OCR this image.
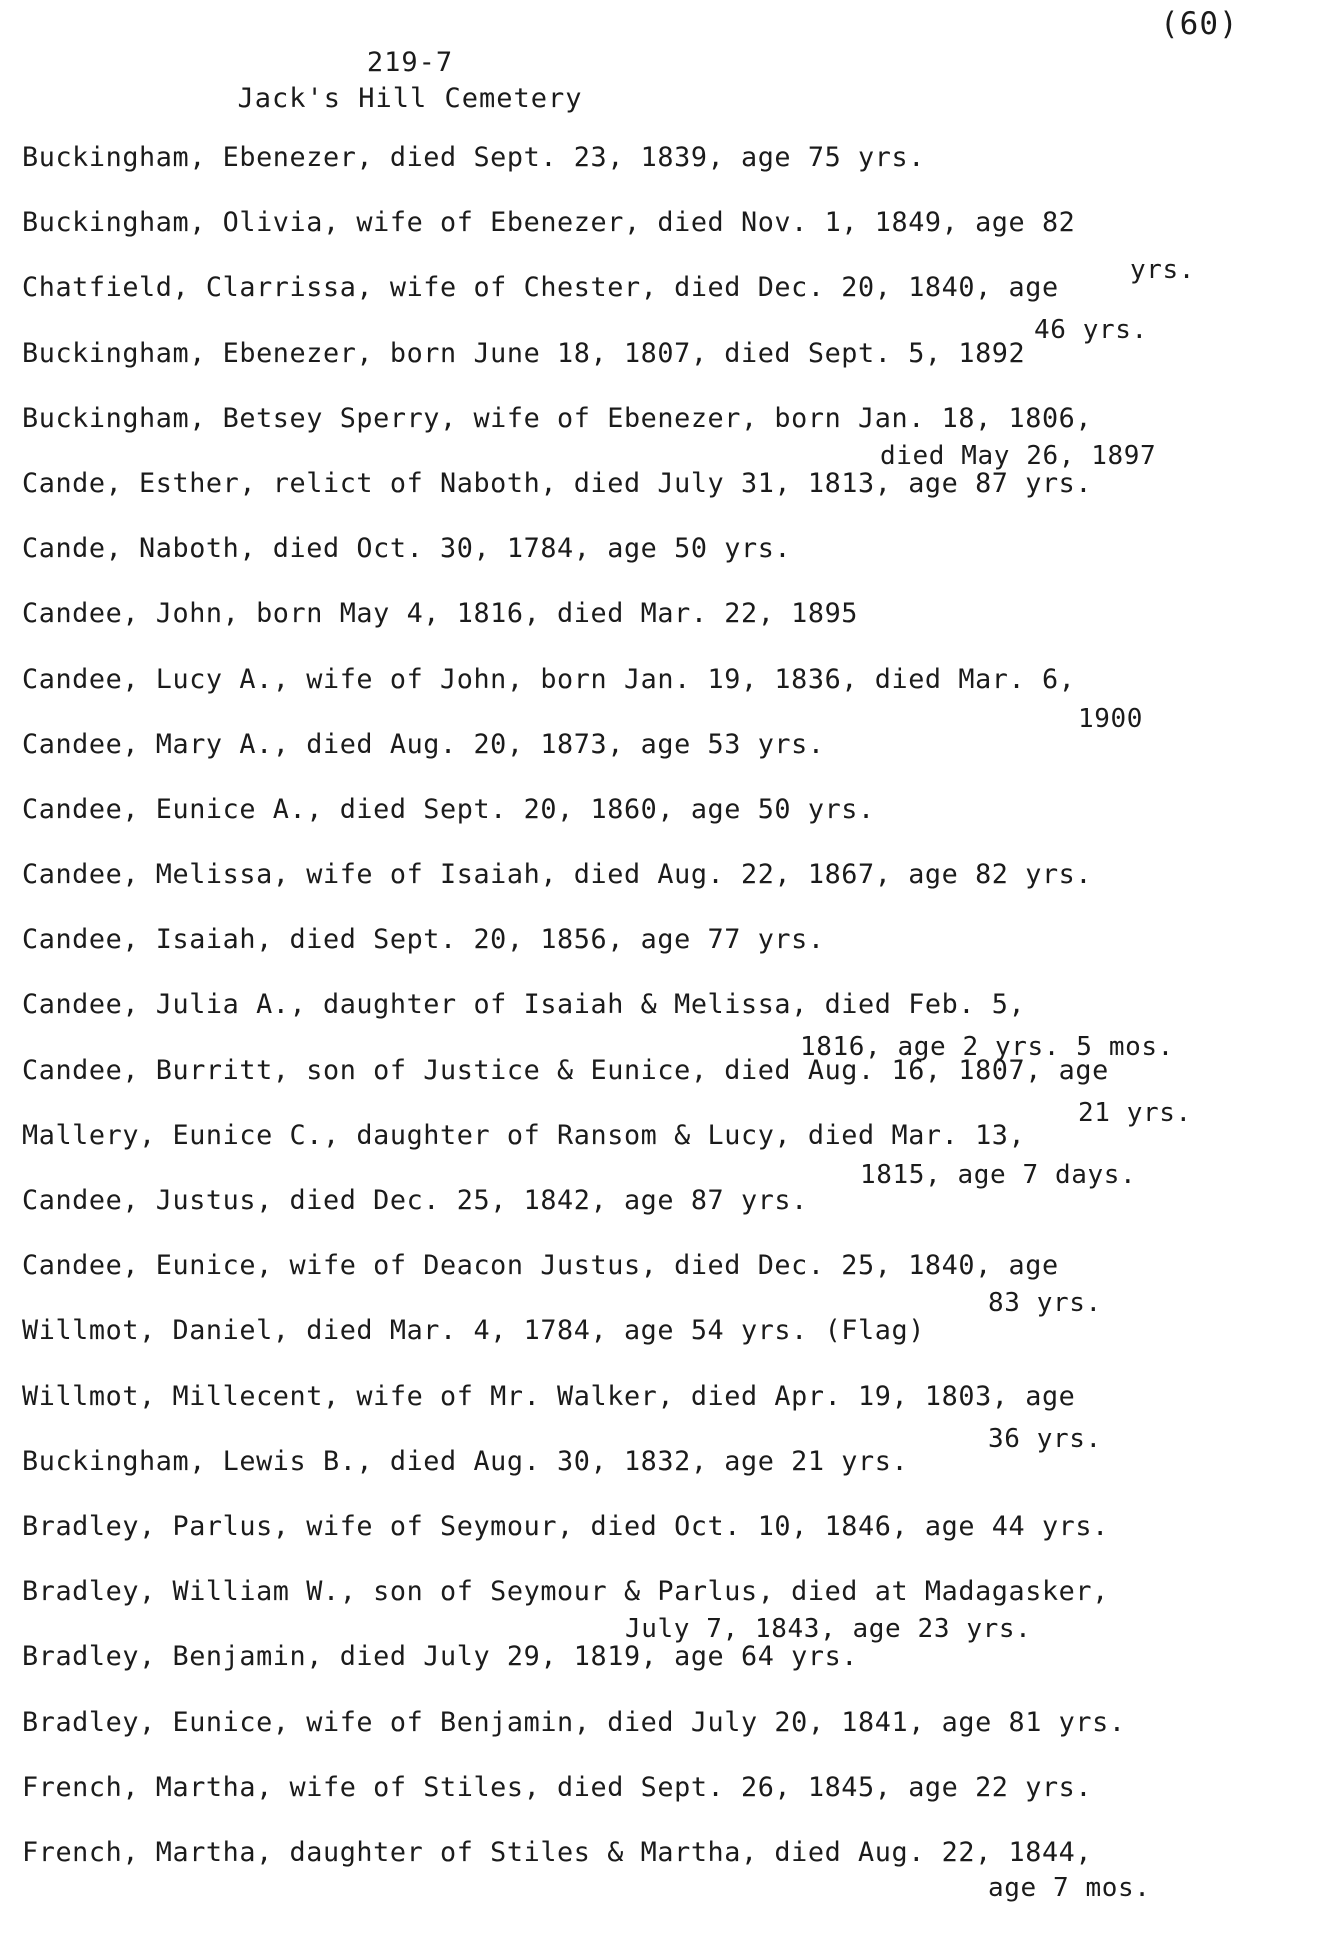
(60)
219-7
Jack's Hill Cemetery
Buckingham, Ebenezer, died Sept. 23, 1839, age 75 yrs.
Buckingham, Olivia, wife of Ebenezer, died Nov. 1, 1849, age 82
yrs.
Chatfield, Clarrissa, wife of Chester, died Dec. 20, 1840, age
46 yrs.
Buckingham, Ebenezer, born June 18, 1807, died Sept. 5, 1892
Buckingham, Betsey Sperry, wife of Ebenezer, born Jan. 18, 1806,
died May 26, 1897
Cande, Esther, relict of Naboth, died July 31, 1813, age 87 yrs.
Cande, Naboth, died Oct. 30, 1784, age 50 yrs.
Candee, John, born May 4, 1816, died Mar. 22, 1895
Candee, Lucy A., wife of John, born Jan. 19, 1836, died Mar. 6,
1900
Candee, Mary A., died Aug. 20, 1873, age 53 yrs.
Candee, Eunice A., died Sept. 20, 1860, age 50 yrs.
Candee, Melissa, wife of Isaiah, died Aug. 22, 1867, age 82 yrs.
Candee, Isaiah, died Sept. 20, 1856, age 77 yrs.
Candee, Julia A., daughter of Isaiah & Melissa, died Feb. 5,
1816, age 2 yrs. 5 mos.
Candee, Burritt, son of Justice & Eunice, died Aug. 16, 1807, age
21 yrs.
Mallery, Eunice C., daughter of Ransom & Lucy, died Mar. 13,
1815, age 7 days.
Candee, Justus, died Dec. 25, 1842, age 87 yrs.
Candee, Eunice, wife of Deacon Justus, died Dec. 25, 1840, age
83 yrs.
Willmot, Daniel, died Mar. 4, 1784, age 54 yrs. (Flag)
Willmot, Millecent, wife of Mr. Walker, died Apr. 19, 1803, age
36 yrs.
Buckingham, Lewis B., died Aug. 30, 1832, age 21 yrs.
Bradley, Parlus, wife of Seymour, died Oct. 10, 1846, age 44 yrs.
Bradley, William W., son of Seymour & Parlus, died at Madagasker,
July 7, 1843, age 23 yrs.
Bradley, Benjamin, died July 29, 1819, age 64 yrs.
Bradley, Eunice, wife of Benjamin, died July 20, 1841, age 81 yrs.
French, Martha, wife of Stiles, died Sept. 26, 1845, age 22 yrs.
French, Martha, daughter of Stiles & Martha, died Aug. 22, 1844,
age 7 mos.
